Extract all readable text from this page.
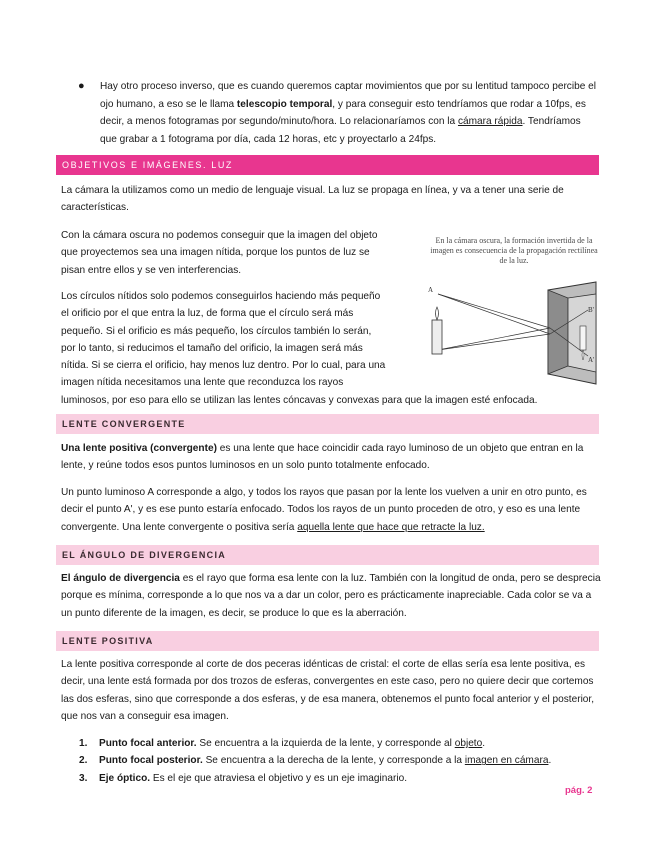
● Hay otro proceso inverso, que es cuando queremos captar movimientos que por su lentitud tampoco percibe el ojo humano, a eso se le llama telescopio temporal, y para conseguir esto tendríamos que rodar a 10fps, es decir, a menos fotogramas por segundo/minuto/hora. Lo relacionaríamos con la cámara rápida. Tendríamos que grabar a 1 fotograma por día, cada 12 horas, etc y proyectarlo a 24fps.

OBJETIVOS E IMÁGENES. LUZ

La cámara la utilizamos como un medio de lenguaje visual. La luz se propaga en línea, y va a tener una serie de características.

Con la cámara oscura no podemos conseguir que la imagen del objeto
que proyectemos sea una imagen nítida, porque los puntos de luz se
pisan entre ellos y se ven interferencias.
Los círculos nítidos solo podemos conseguirlos haciendo más pequeño
el orificio por el que entra la luz, de forma que el círculo será más
pequeño. Si el orificio es más pequeño, los círculos también lo serán,
por lo tanto, si reducimos el tamaño del orificio, la imagen será más
nítida. Si se cierra el orificio, hay menos luz dentro. Por lo cual, para una
imagen nítida necesitamos una lente que reconduzca los rayos
luminosos, por eso para ello se utilizan las lentes cóncavas y convexas para que la imagen esté enfocada.
En la cámara oscura, la formación invertida de la imagen es consecuencia de la propagación rectilínea de la luz.
A
B'
A'
LENTE CONVERGENTE

Una lente positiva (convergente) es una lente que hace coincidir cada rayo luminoso de un objeto que entran en la lente, y reúne todos esos puntos luminosos en un solo punto totalmente enfocado.

Un punto luminoso A corresponde a algo, y todos los rayos que pasan por la lente los vuelven a unir en otro punto, es decir el punto A', y es ese punto estaría enfocado. Todos los rayos de un punto proceden de otro, y eso es una lente convergente. Una lente convergente o positiva sería aquella lente que hace que retracte la luz.

EL ÁNGULO DE DIVERGENCIA

El ángulo de divergencia es el rayo que forma esa lente con la luz. También con la longitud de onda, pero se desprecia porque es mínima, corresponde a lo que nos va a dar un color, pero es prácticamente inapreciable. Cada color se va a un punto diferente de la imagen, es decir, se produce lo que es la aberración.

LENTE POSITIVA

La lente positiva corresponde al corte de dos peceras idénticas de cristal: el corte de ellas sería esa lente positiva, es decir, una lente está formada por dos trozos de esferas, convergentes en este caso, pero no quiere decir que cortemos las dos esferas, sino que corresponde a dos esferas, y de esa manera, obtenemos el punto focal anterior y el posterior, que nos van a conseguir esa imagen.

1. Punto focal anterior. Se encuentra a la izquierda de la lente, y corresponde al objeto.
2. Punto focal posterior. Se encuentra a la derecha de la lente, y corresponde a la imagen en cámara.
3. Eje óptico. Es el eje que atraviesa el objetivo y es un eje imaginario.
pág. 2
